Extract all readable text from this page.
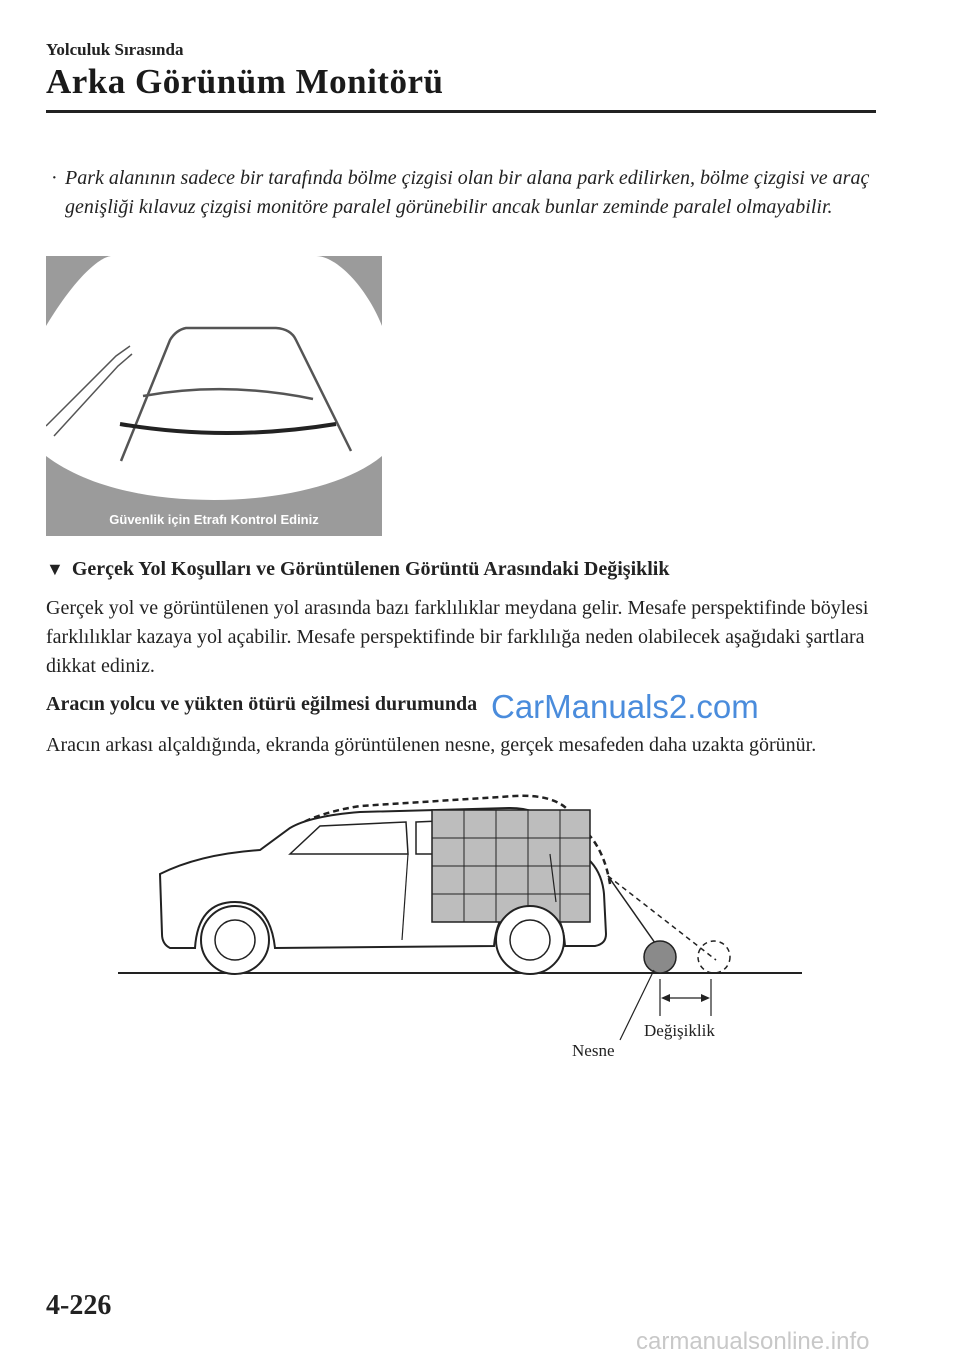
Yolculuk Sırasında
Arka Görünüm Monitörü
· Park alanının sadece bir tarafında bölme çizgisi olan bir alana park edilirken, bölme çizgisi ve araç genişliği kılavuz çizgisi monitöre paralel görünebilir ancak bunlar zeminde paralel olmayabilir.
Güvenlik için Etrafı Kontrol Ediniz
▼ Gerçek Yol Koşulları ve Görüntülenen Görüntü Arasındaki Değişiklik
Gerçek yol ve görüntülenen yol arasında bazı farklılıklar meydana gelir. Mesafe perspektifinde böylesi farklılıklar kazaya yol açabilir. Mesafe perspektifinde bir farklılığa neden olabilecek aşağıdaki şartlara dikkat ediniz.
Aracın yolcu ve yükten ötürü eğilmesi durumunda
Aracın arkası alçaldığında, ekranda görüntülenen nesne, gerçek mesafeden daha uzakta görünür.
CarManuals2.com
Nesne
Değişiklik
4-226
carmanualsonline.info
